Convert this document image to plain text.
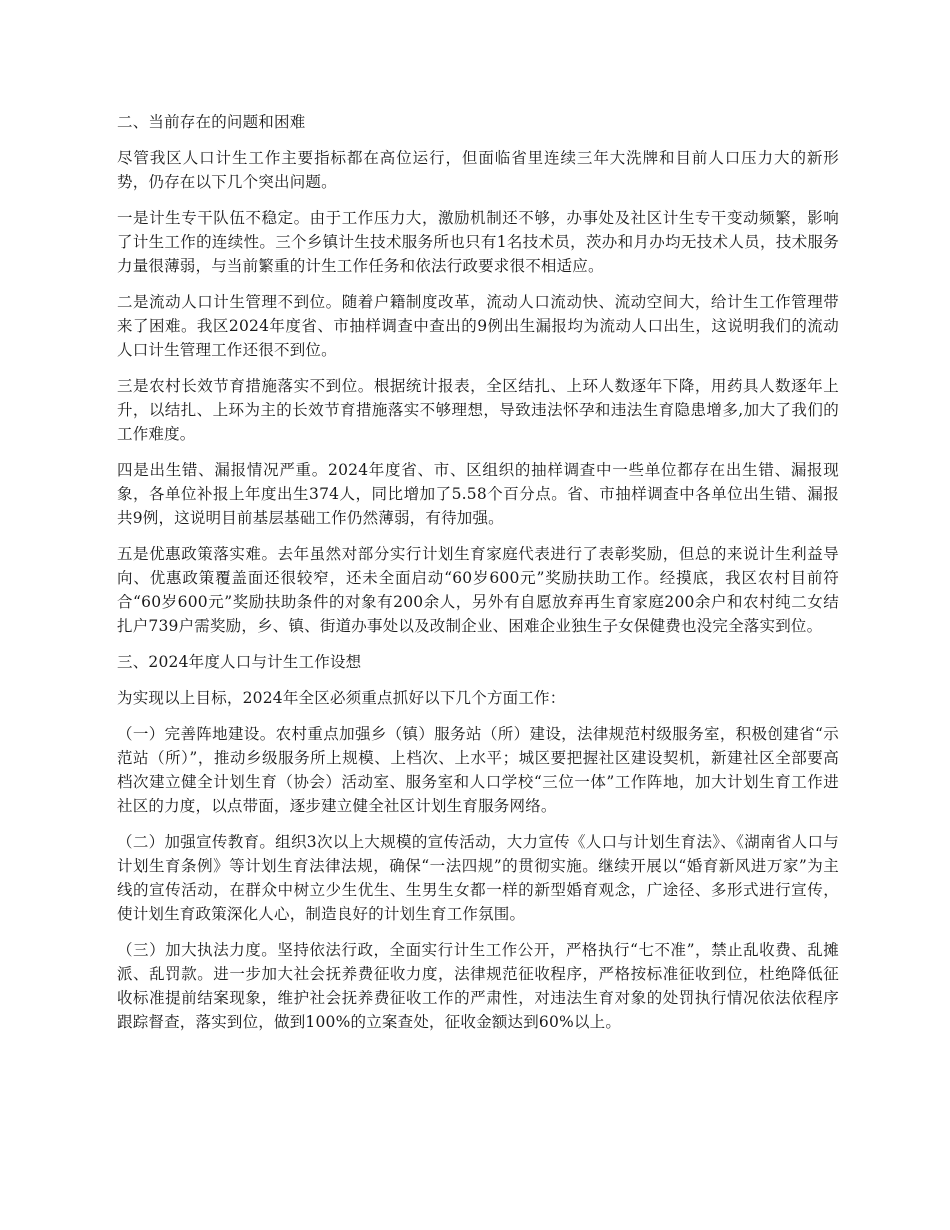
二、当前存在的问题和困难

尽管我区人口计生工作主要指标都在高位运行，但面临省里连续三年大洗牌和目前人口压力大的新形势，仍存在以下几个突出问题。

一是计生专干队伍不稳定。由于工作压力大，激励机制还不够，办事处及社区计生专干变动频繁，影响了计生工作的连续性。三个乡镇计生技术服务所也只有1名技术员，茨办和月办均无技术人员，技术服务力量很薄弱，与当前繁重的计生工作任务和依法行政要求很不相适应。

二是流动人口计生管理不到位。随着户籍制度改革，流动人口流动快、流动空间大，给计生工作管理带来了困难。我区2024年度省、市抽样调查中查出的9例出生漏报均为流动人口出生，这说明我们的流动人口计生管理工作还很不到位。

三是农村长效节育措施落实不到位。根据统计报表，全区结扎、上环人数逐年下降，用药具人数逐年上升，以结扎、上环为主的长效节育措施落实不够理想，导致违法怀孕和违法生育隐患增多,加大了我们的工作难度。

四是出生错、漏报情况严重。2024年度省、市、区组织的抽样调查中一些单位都存在出生错、漏报现象，各单位补报上年度出生374人，同比增加了5.58个百分点。省、市抽样调查中各单位出生错、漏报共9例，这说明目前基层基础工作仍然薄弱，有待加强。

五是优惠政策落实难。去年虽然对部分实行计划生育家庭代表进行了表彰奖励，但总的来说计生利益导向、优惠政策覆盖面还很较窄，还未全面启动“60岁600元”奖励扶助工作。经摸底，我区农村目前符合“60岁600元”奖励扶助条件的对象有200余人，另外有自愿放弃再生育家庭200余户和农村纯二女结扎户739户需奖励，乡、镇、街道办事处以及改制企业、困难企业独生子女保健费也没完全落实到位。

三、2024年度人口与计生工作设想

为实现以上目标，2024年全区必须重点抓好以下几个方面工作：

（一）完善阵地建设。农村重点加强乡（镇）服务站（所）建设，法律规范村级服务室，积极创建省“示范站（所）”，推动乡级服务所上规模、上档次、上水平；城区要把握社区建设契机，新建社区全部要高档次建立健全计划生育（协会）活动室、服务室和人口学校“三位一体”工作阵地，加大计划生育工作进社区的力度，以点带面，逐步建立健全社区计划生育服务网络。

（二）加强宣传教育。组织3次以上大规模的宣传活动，大力宣传《人口与计划生育法》、《湖南省人口与计划生育条例》等计划生育法律法规，确保“一法四规”的贯彻实施。继续开展以“婚育新风进万家”为主线的宣传活动，在群众中树立少生优生、生男生女都一样的新型婚育观念，广途径、多形式进行宣传，使计划生育政策深化人心，制造良好的计划生育工作氛围。

（三）加大执法力度。坚持依法行政，全面实行计生工作公开，严格执行“七不准”，禁止乱收费、乱摊派、乱罚款。进一步加大社会抚养费征收力度，法律规范征收程序，严格按标准征收到位，杜绝降低征收标准提前结案现象，维护社会抚养费征收工作的严肃性，对违法生育对象的处罚执行情况依法依程序跟踪督查，落实到位，做到100%的立案查处，征收金额达到60%以上。
